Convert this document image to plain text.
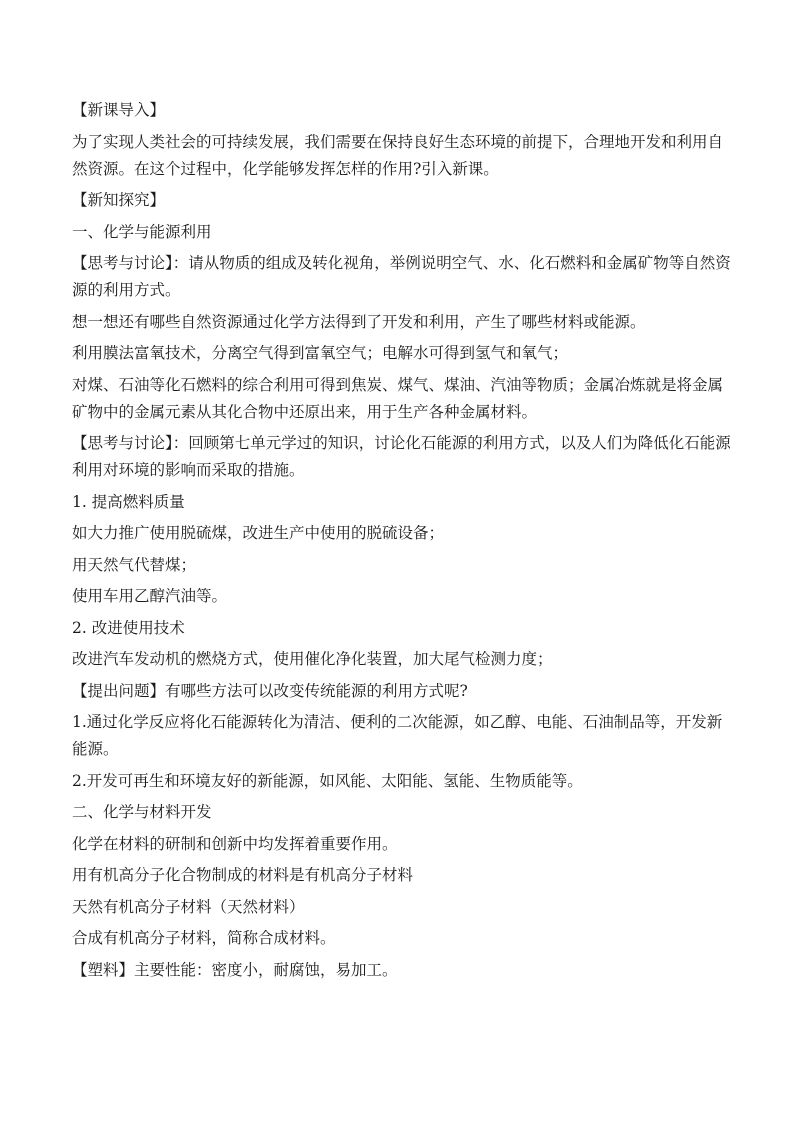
【新课导入】

为了实现人类社会的可持续发展，我们需要在保持良好生态环境的前提下，合理地开发和利用自然资源。在这个过程中，化学能够发挥怎样的作用?引入新课。

【新知探究】

一、化学与能源利用

【思考与讨论】：请从物质的组成及转化视角，举例说明空气、水、化石燃料和金属矿物等自然资源的利用方式。

想一想还有哪些自然资源通过化学方法得到了开发和利用，产生了哪些材料或能源。

利用膜法富氧技术，分离空气得到富氧空气；电解水可得到氢气和氧气；

对煤、石油等化石燃料的综合利用可得到焦炭、煤气、煤油、汽油等物质；金属冶炼就是将金属矿物中的金属元素从其化合物中还原出来，用于生产各种金属材料。

【思考与讨论】：回顾第七单元学过的知识，讨论化石能源的利用方式，以及人们为降低化石能源利用对环境的影响而采取的措施。

1. 提高燃料质量

如大力推广使用脱硫煤，改进生产中使用的脱硫设备；

用天然气代替煤；

使用车用乙醇汽油等。

2. 改进使用技术

改进汽车发动机的燃烧方式，使用催化净化装置，加大尾气检测力度；

【提出问题】有哪些方法可以改变传统能源的利用方式呢?

1.通过化学反应将化石能源转化为清洁、便利的二次能源，如乙醇、电能、石油制品等，开发新能源。

2.开发可再生和环境友好的新能源，如风能、太阳能、氢能、生物质能等。

二、化学与材料开发

化学在材料的研制和创新中均发挥着重要作用。

用有机高分子化合物制成的材料是有机高分子材料

天然有机高分子材料（天然材料）

合成有机高分子材料，简称合成材料。

【塑料】主要性能：密度小，耐腐蚀，易加工。
